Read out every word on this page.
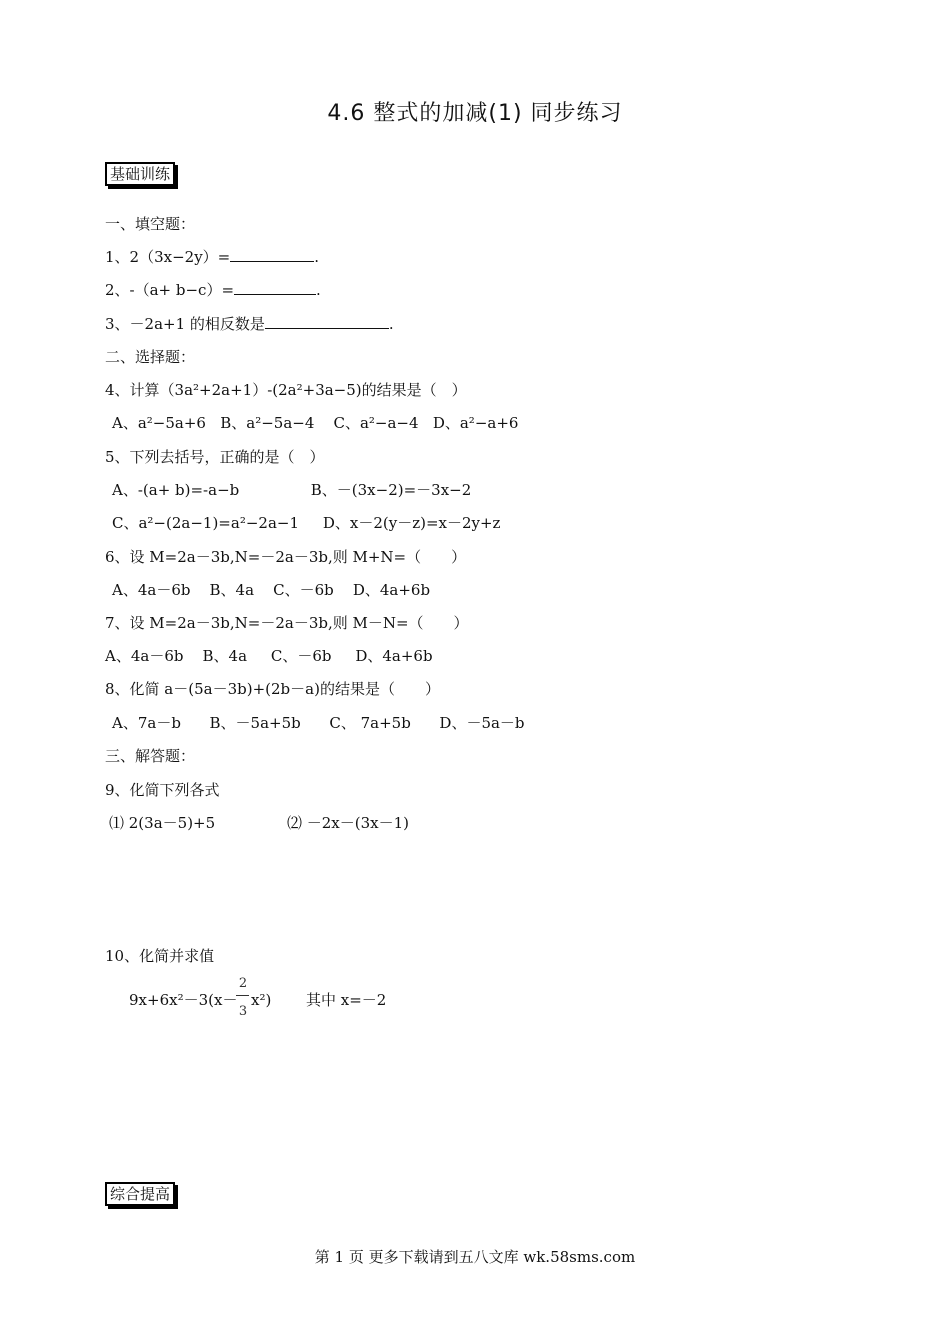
4.6 整式的加减(1) 同步练习
基础训练
一、填空题：
1、2（3x−2y）=	.
2、-（a+ b−c）=	.
3、－2a+1 的相反数是	.
二、选择题：
4、计算（3a²+2a+1）-(2a²+3a−5)的结果是（　）
A、a²−5a+6   B、a²−5a−4    C、a²−a−4   D、a²−a+6
5、下列去括号，正确的是（　）
A、-(a+ b)=-a−b               B、－(3x−2)=－3x−2
C、a²−(2a−1)=a²−2a−1     D、x－2(y－z)=x－2y+z
6、设 M=2a－3b,N=－2a－3b,则 M+N=（　　）
A、4a－6b    B、4a    C、－6b    D、4a+6b
7、设 M=2a－3b,N=－2a－3b,则 M－N=（　　）
A、4a－6b    B、4a     C、－6b     D、4a+6b
8、化简 a－(5a－3b)+(2b－a)的结果是（　　）
A、7a－b      B、－5a+5b      C、 7a+5b      D、－5a－b
三、解答题：
9、化简下列各式
⑴ 2(3a－5)+5	⑵ －2x－(3x－1)
10、化简并求值
9x+6x²－3(x－
2
3
x²) 其中 x=－2
综合提高
第 1 页 更多下载请到五八文库 wk.58sms.com
